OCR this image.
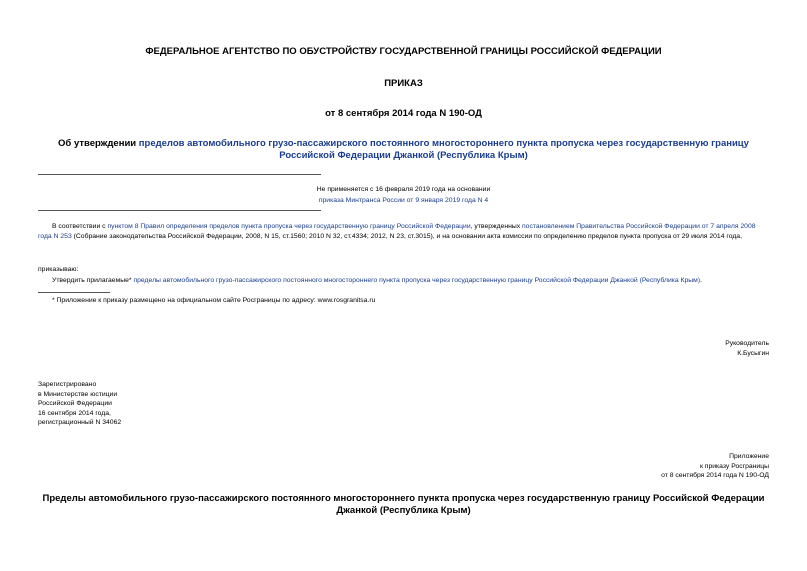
ФЕДЕРАЛЬНОЕ АГЕНТСТВО ПО ОБУСТРОЙСТВУ ГОСУДАРСТВЕННОЙ ГРАНИЦЫ РОССИЙСКОЙ ФЕДЕРАЦИИ
ПРИКАЗ
от 8 сентября 2014 года N 190-ОД
Об утверждении пределов автомобильного грузо-пассажирского постоянного многостороннего пункта пропуска через государственную границу Российской Федерации Джанкой (Республика Крым)
Не применяется с 16 февраля 2019 года на основании
приказа Минтранса России от 9 января 2019 года N 4
В соответствии с пунктом 8 Правил определения пределов пункта пропуска через государственную границу Российской Федерации, утвержденных постановлением Правительства Российской Федерации от 7 апреля 2008 года N 253 (Собрание законодательства Российской Федерации, 2008, N 15, ст.1560; 2010 N 32, ст.4334; 2012, N 23, ст.3015), и на основании акта комиссии по определению пределов пункта пропуска от 29 июля 2014 года,
приказываю:
Утвердить прилагаемые* пределы автомобильного грузо-пассажирского постоянного многостороннего пункта пропуска через государственную границу Российской Федерации Джанкой (Республика Крым).
* Приложение к приказу размещено на официальном сайте Росграницы по адресу: www.rosgranitsa.ru

Руководитель

К.Бусыгин

Зарегистрировано

в Министерстве юстиции

Российской Федерации

16 сентября 2014 года,

регистрационный N 34062

Приложение

к приказу Росграницы

от 8 сентября 2014 года N 190-ОД

Пределы автомобильного грузо-пассажирского постоянного многостороннего пункта пропуска через государственную границу Российской Федерации Джанкой (Республика Крым)
